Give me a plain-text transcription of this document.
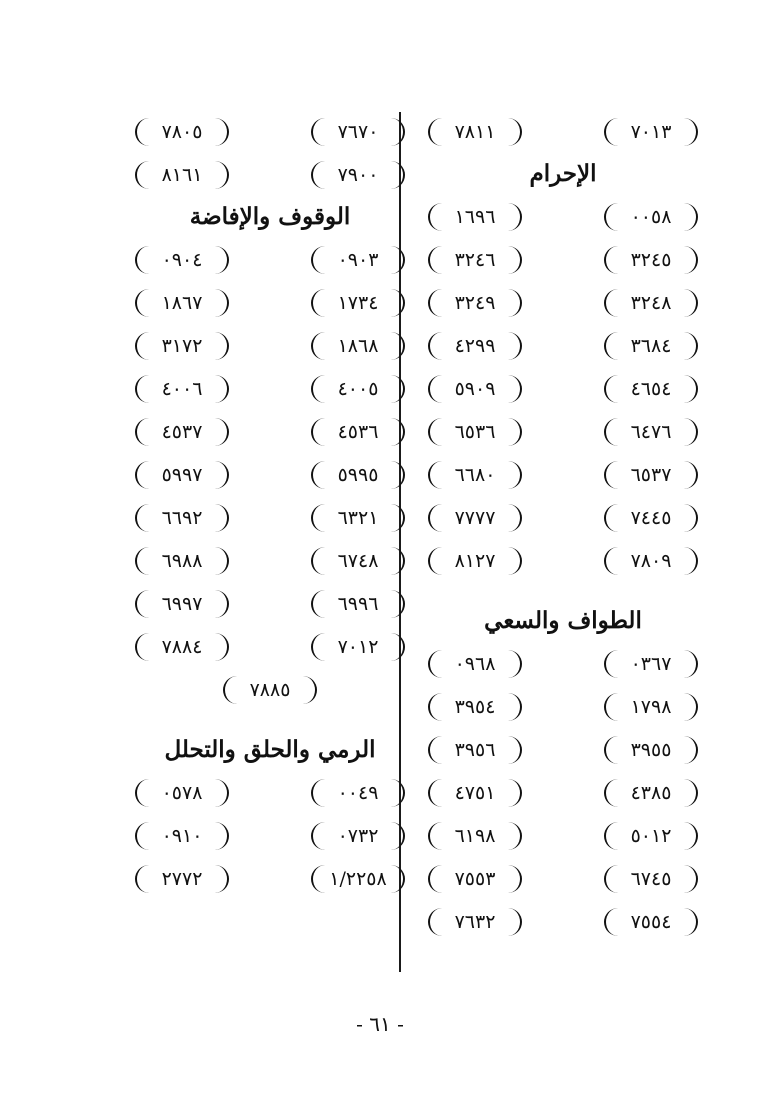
٧٠١٣
٧٨١١
الإحرام
٠٠٥٨
١٦٩٦
٣٢٤٥
٣٢٤٦
٣٢٤٨
٣٢٤٩
٣٦٨٤
٤٢٩٩
٤٦٥٤
٥٩٠٩
٦٤٧٦
٦٥٣٦
٦٥٣٧
٦٦٨٠
٧٤٤٥
٧٧٧٧
٧٨٠٩
٨١٢٧
الطواف والسعي
٠٣٦٧
٠٩٦٨
١٧٩٨
٣٩٥٤
٣٩٥٥
٣٩٥٦
٤٣٨٥
٤٧٥١
٥٠١٢
٦١٩٨
٦٧٤٥
٧٥٥٣
٧٥٥٤
٧٦٣٢
٧٦٧٠
٧٨٠٥
٧٩٠٠
٨١٦١
الوقوف والإفاضة
٠٩٠٣
٠٩٠٤
١٧٣٤
١٨٦٧
١٨٦٨
٣١٧٢
٤٠٠٥
٤٠٠٦
٤٥٣٦
٤٥٣٧
٥٩٩٥
٥٩٩٧
٦٣٢١
٦٦٩٢
٦٧٤٨
٦٩٨٨
٦٩٩٦
٦٩٩٧
٧٠١٢
٧٨٨٤
٧٨٨٥
الرمي والحلق والتحلل
٠٠٤٩
٠٥٧٨
٠٧٣٢
٠٩١٠
١/٢٢٥٨
٢٧٧٢
- ٦١ -
